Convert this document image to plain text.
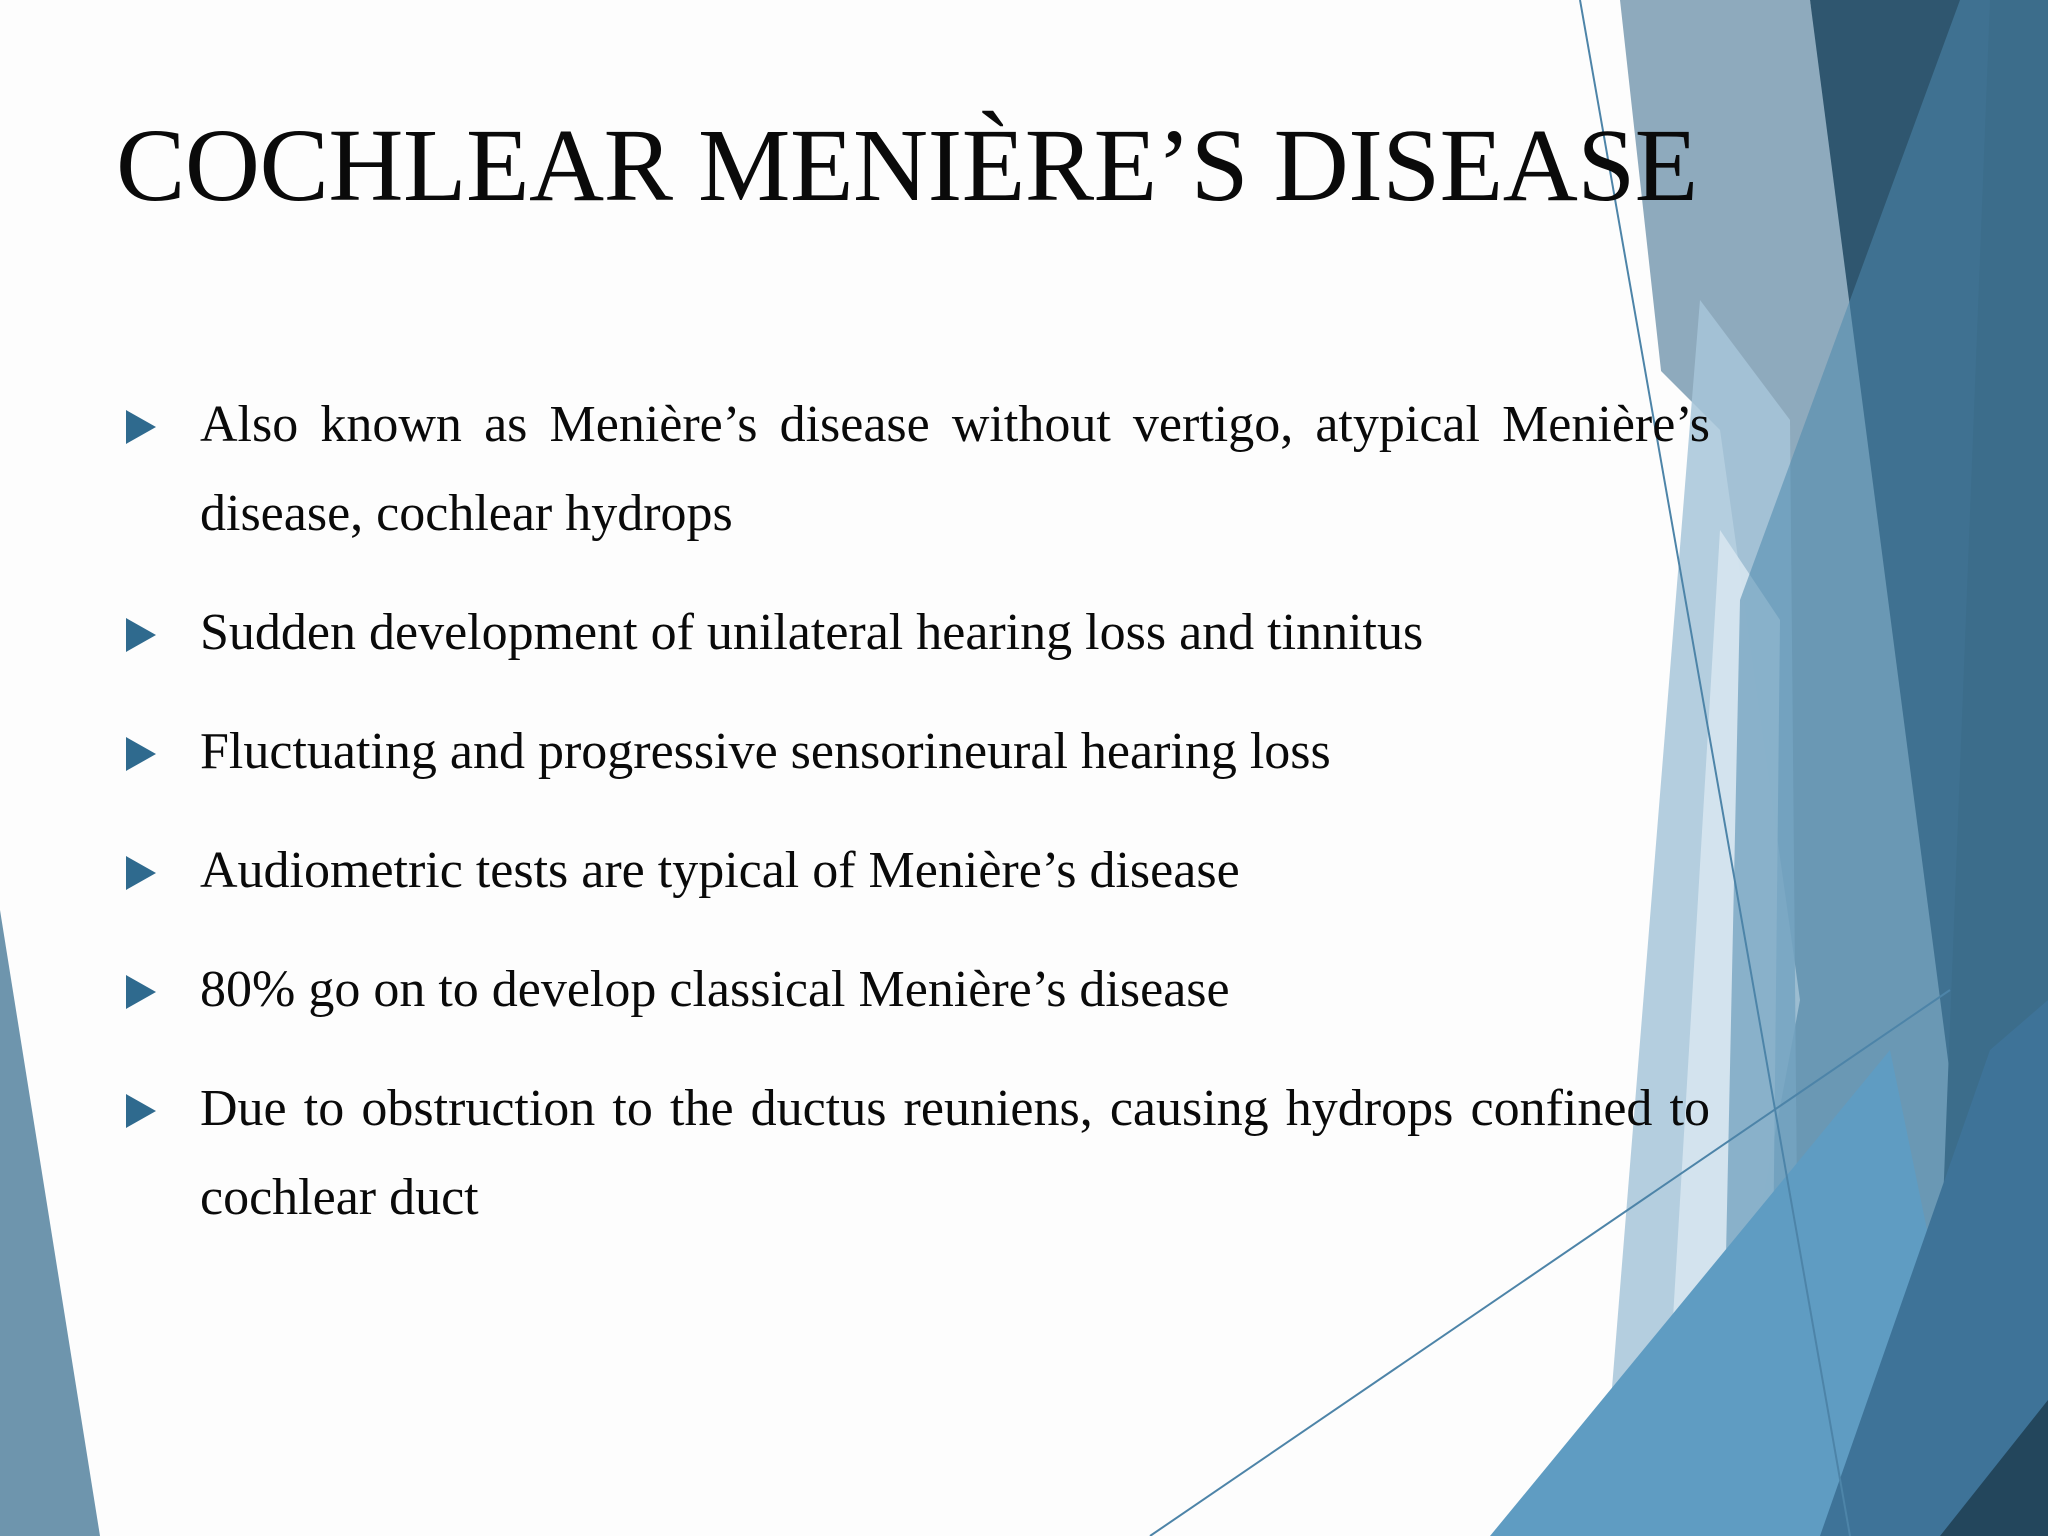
COCHLEAR MENIÈRE’S DISEASE
Also known as Menière’s disease without vertigo, atypical Menière’s disease, cochlear hydrops
Sudden development of unilateral hearing loss and tinnitus
Fluctuating and progressive sensorineural hearing loss
Audiometric tests are typical of Menière’s disease
80% go on to develop classical Menière’s disease
Due to obstruction to the ductus reuniens, causing hydrops confined to cochlear duct
